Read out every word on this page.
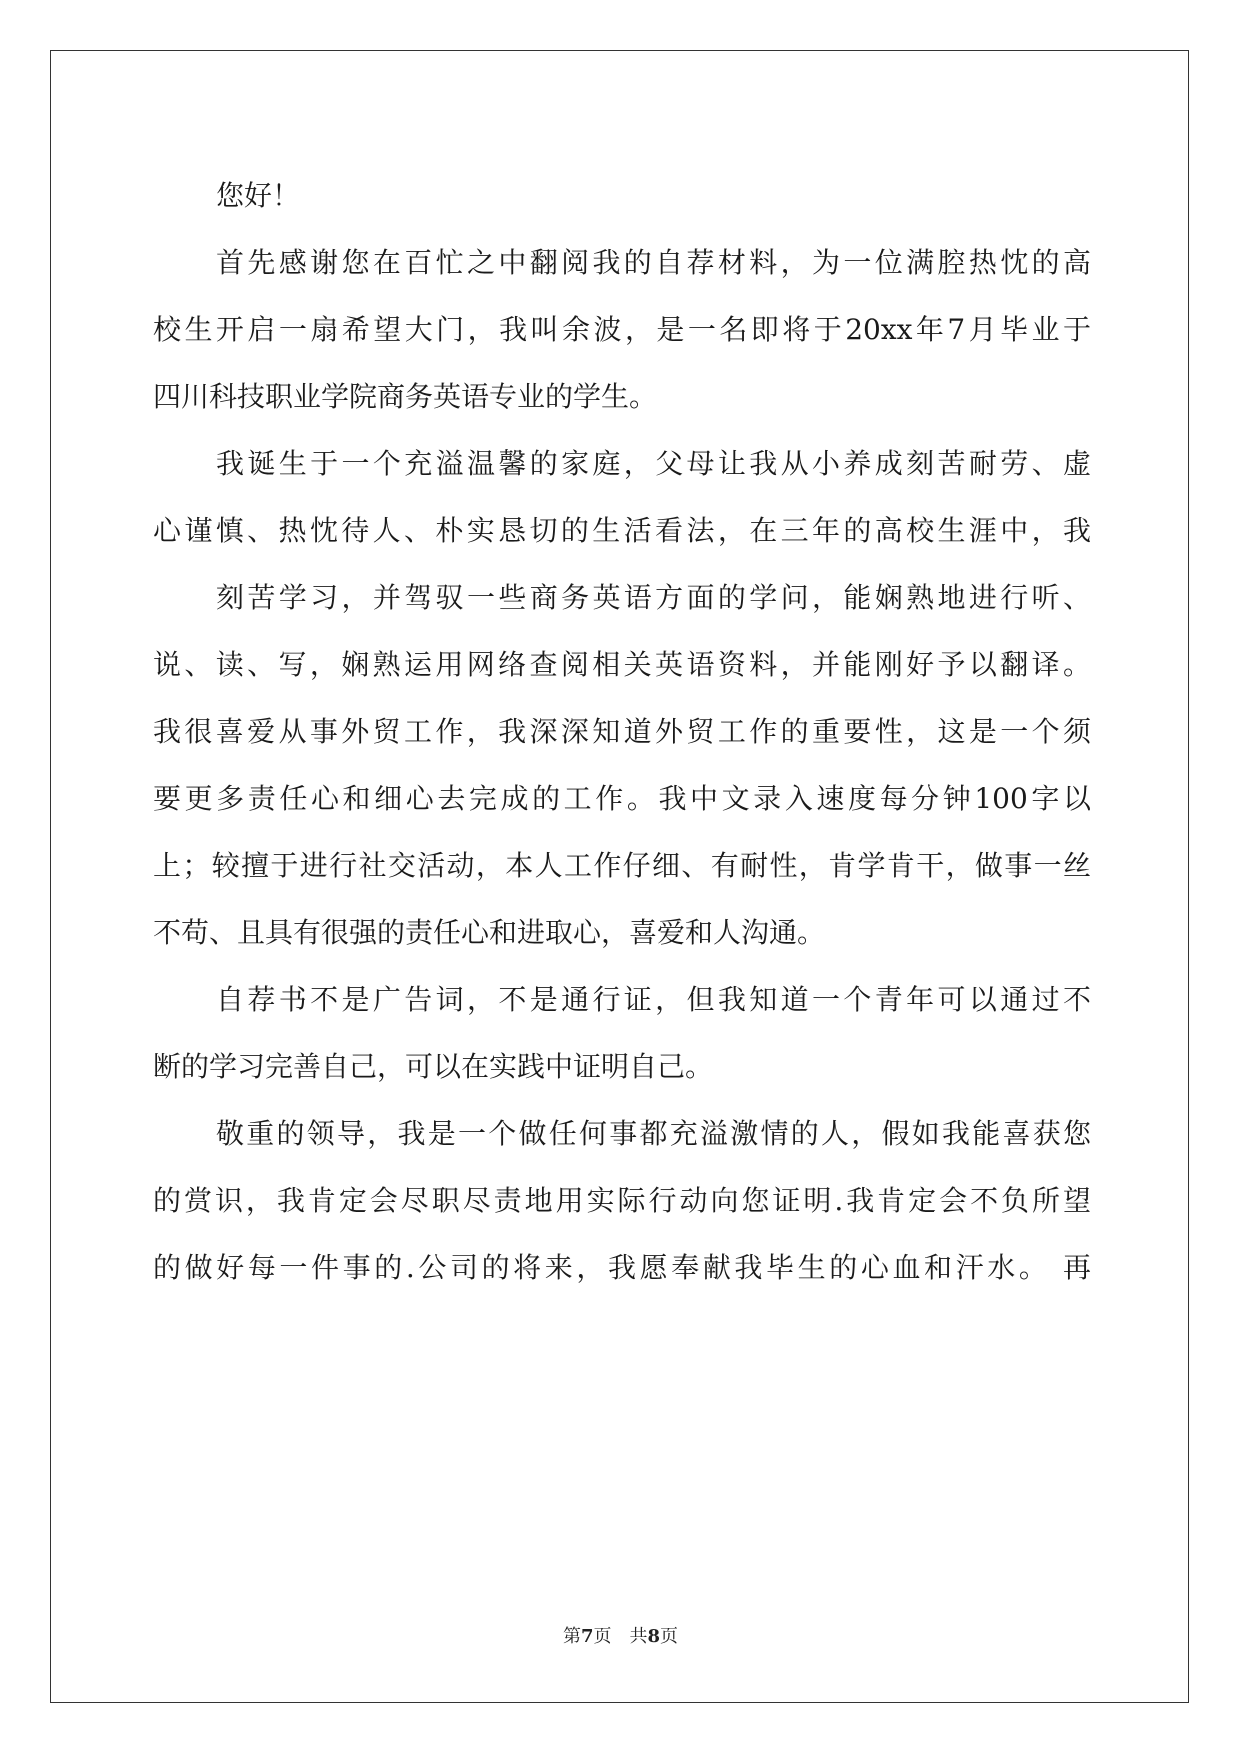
您好！
首先感谢您在百忙之中翻阅我的自荐材料，为一位满腔热忱的高
校生开启一扇希望大门，我叫余波，是一名即将于20xx年7月毕业于
四川科技职业学院商务英语专业的学生。
我诞生于一个充溢温馨的家庭，父母让我从小养成刻苦耐劳、虚
心谨慎、热忱待人、朴实恳切的生活看法，在三年的高校生涯中，我
刻苦学习，并驾驭一些商务英语方面的学问，能娴熟地进行听、
说、读、写，娴熟运用网络查阅相关英语资料，并能刚好予以翻译。
我很喜爱从事外贸工作，我深深知道外贸工作的重要性，这是一个须
要更多责任心和细心去完成的工作。我中文录入速度每分钟100字以
上；较擅于进行社交活动，本人工作仔细、有耐性，肯学肯干，做事一丝
不苟、且具有很强的责任心和进取心，喜爱和人沟通。
自荐书不是广告词，不是通行证，但我知道一个青年可以通过不
断的学习完善自己，可以在实践中证明自己。
敬重的领导，我是一个做任何事都充溢激情的人，假如我能喜获您
的赏识，我肯定会尽职尽责地用实际行动向您证明.我肯定会不负所望
的做好每一件事的.公司的将来，我愿奉献我毕生的心血和汗水。 再
第7页　共8页
